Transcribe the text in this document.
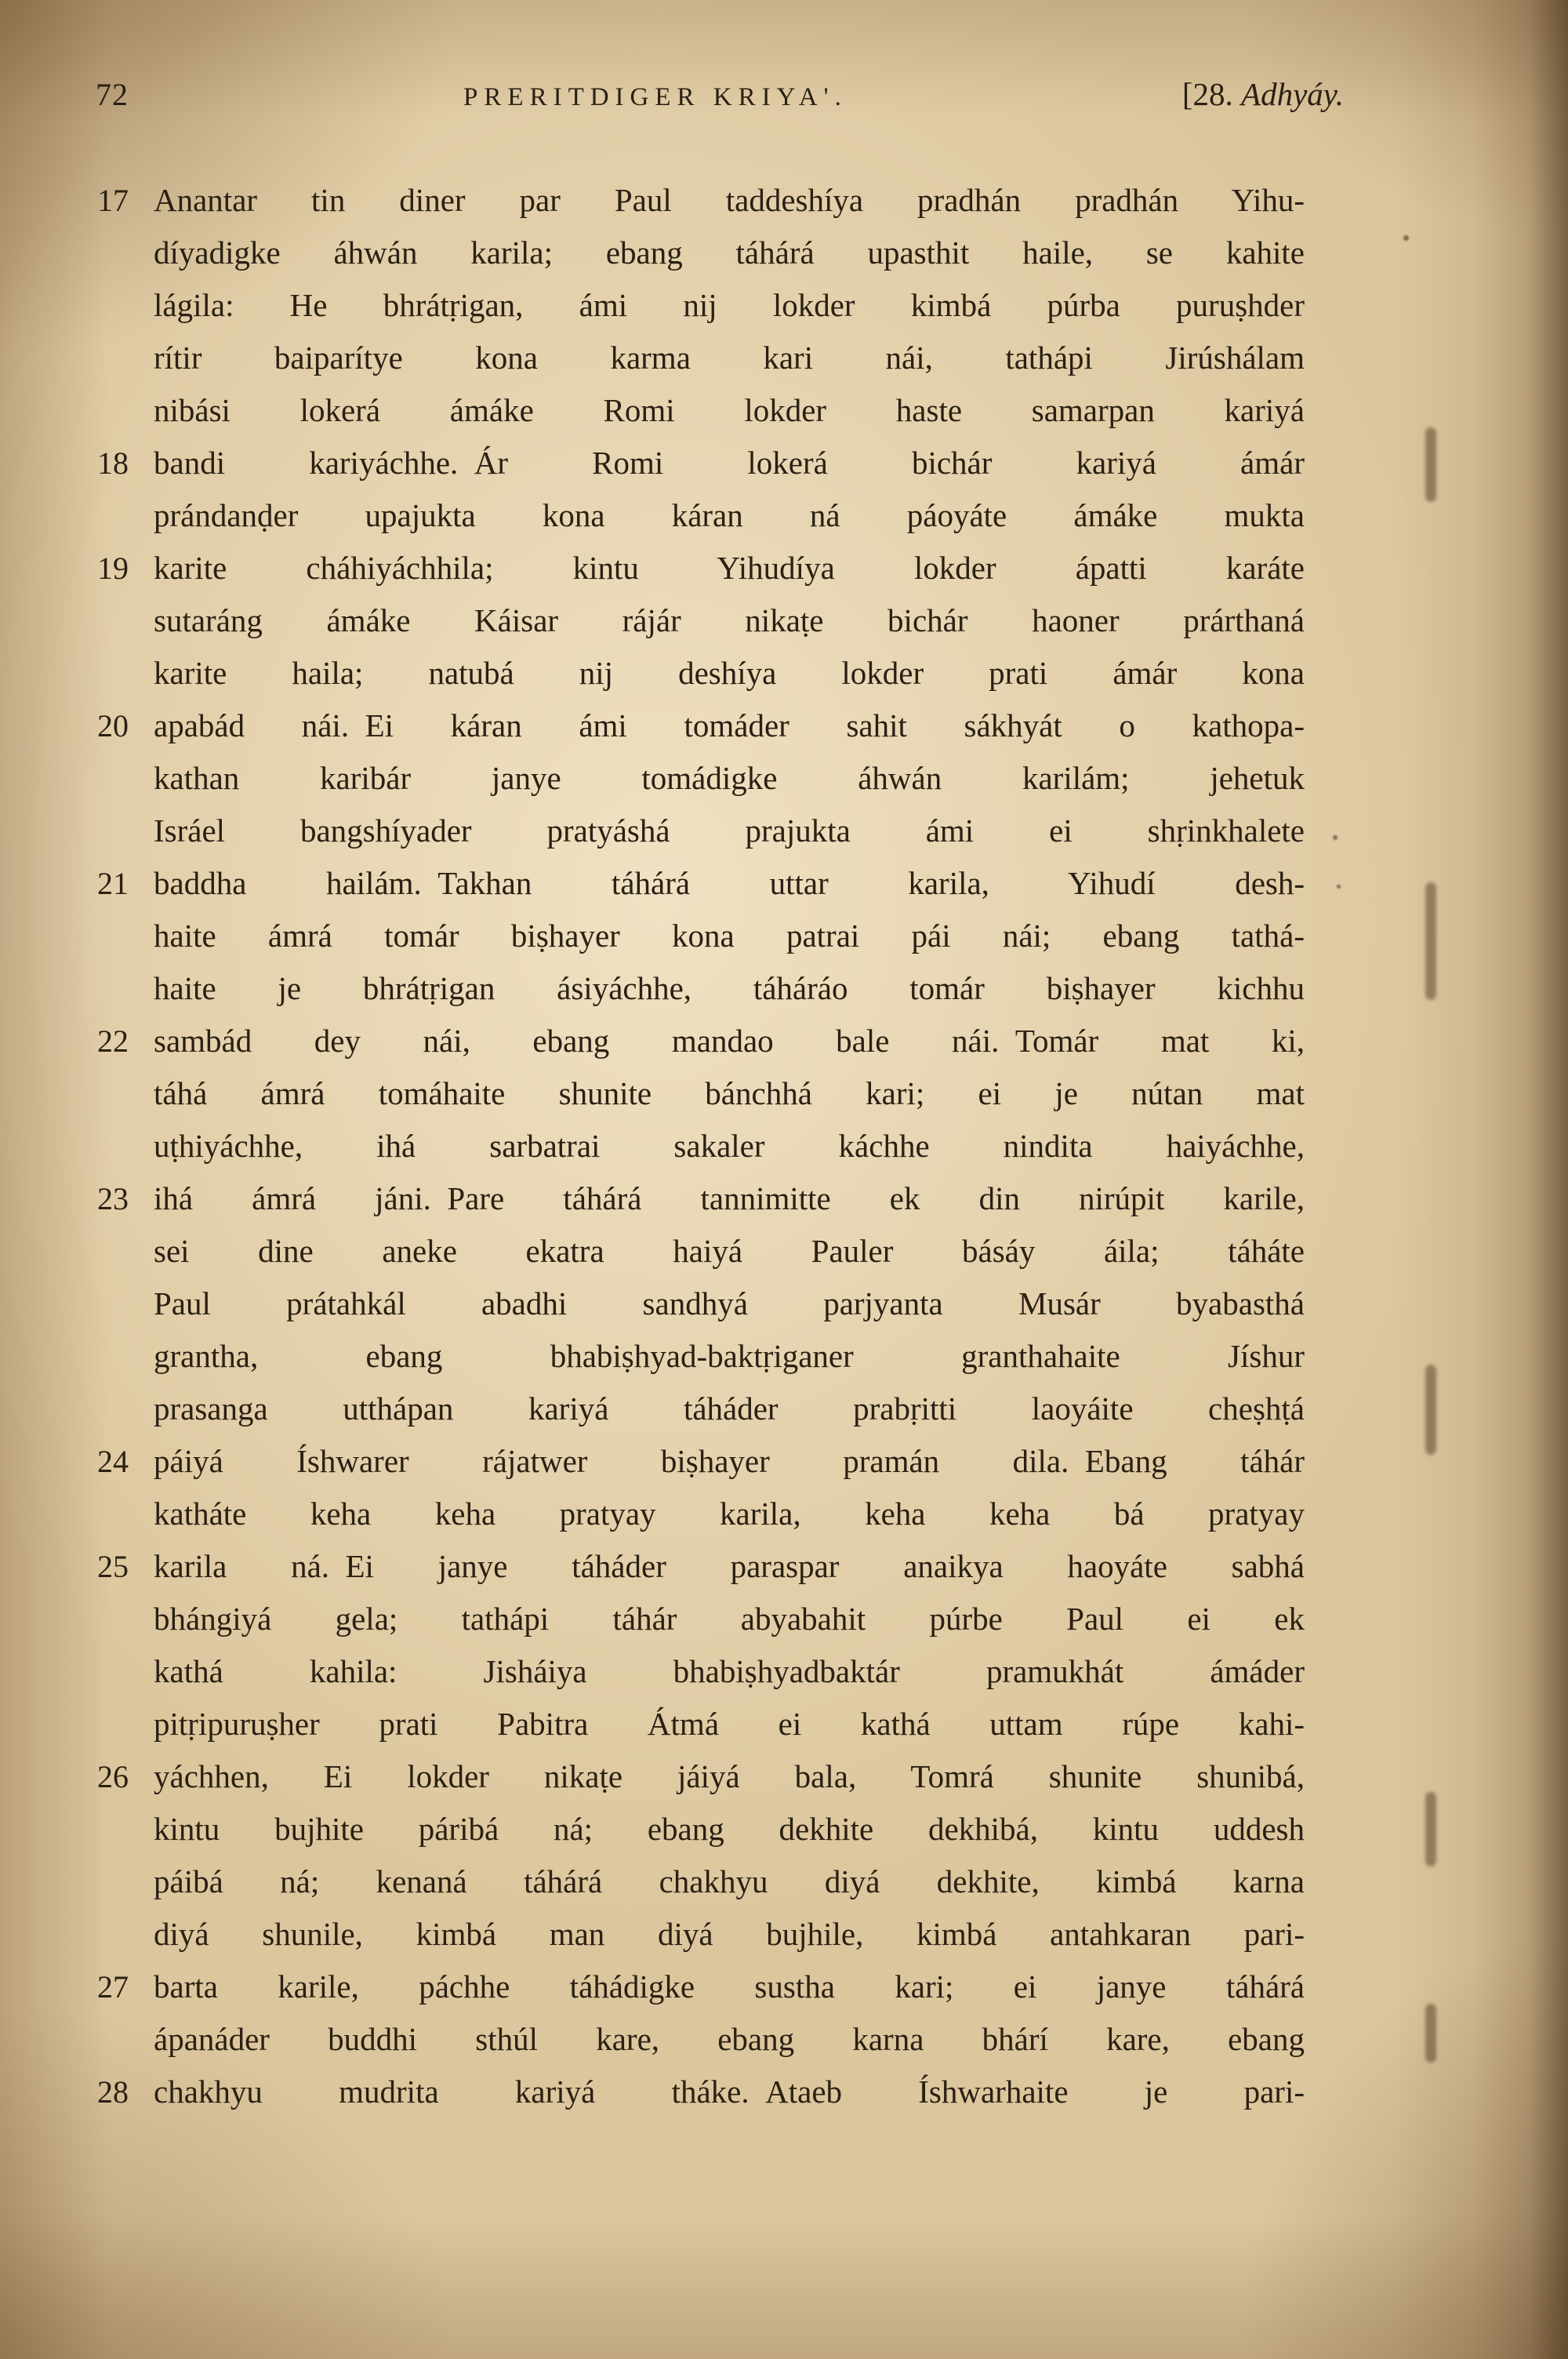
72	PRERITDIGER KRIYA'.	[28. Adhyáy.
17 Anantar tin diner par Paul taddeshíya pradhán pradhán Yihu-
díyadigke áhwán karila; ebang táhárá upasthit haile, se kahite
lágila: He bhrátṛigan, ámi nij lokder kimbá púrba puruṣhder
rítir baiparítye kona karma kari nái, tathápi Jirúshálam
nibási lokerá ámáke Romi lokder haste samarpan kariyá
18 bandi kariyáchhe. Ár Romi lokerá bichár kariyá ámár
prándanḍer upajukta kona káran ná páoyáte ámáke mukta
19 karite cháhiyáchhila; kintu Yihudíya lokder ápatti karáte
sutaráng ámáke Káisar rájár nikaṭe bichár haoner prárthaná
karite haila; natubá nij deshíya lokder prati ámár kona
20 apabád nái. Ei káran ámi tomáder sahit sákhyát o kathopa-
kathan karibár janye tomádigke áhwán karilám; jehetuk
Isráel bangshíyader pratyáshá prajukta ámi ei shṛinkhalete
21 baddha hailám. Takhan táhárá uttar karila, Yihudí desh-
haite ámrá tomár biṣhayer kona patrai pái nái; ebang tathá-
haite je bhrátṛigan ásiyáchhe, táháráo tomár biṣhayer kichhu
22 sambád dey nái, ebang mandao bale nái. Tomár mat ki,
táhá ámrá tomáhaite shunite bánchhá kari; ei je nútan mat
uṭhiyáchhe, ihá sarbatrai sakaler káchhe nindita haiyáchhe,
23 ihá ámrá jáni. Pare táhárá tannimitte ek din nirúpit karile,
sei dine aneke ekatra haiyá Pauler básáy áila; táháte
Paul prátahkál abadhi sandhyá parjyanta Musár byabasthá
grantha, ebang bhabiṣhyad-baktṛiganer granthahaite Jíshur
prasanga utthápan kariyá táháder prabṛitti laoyáite cheṣhṭá
24 páiyá Íshwarer rájatwer biṣhayer pramán dila. Ebang táhár
katháte keha keha pratyay karila, keha keha bá pratyay
25 karila ná. Ei janye táháder paraspar anaikya haoyáte sabhá
bhángiyá gela; tathápi táhár abyabahit púrbe Paul ei ek
kathá kahila: Jisháiya bhabiṣhyadbaktár pramukhát ámáder
pitṛipuruṣher prati Pabitra Átmá ei kathá uttam rúpe kahi-
26 yáchhen, Ei lokder nikaṭe jáiyá bala, Tomrá shunite shunibá,
kintu bujhite páribá ná; ebang dekhite dekhibá, kintu uddesh
páibá ná; kenaná táhárá chakhyu diyá dekhite, kimbá karna
diyá shunile, kimbá man diyá bujhile, kimbá antahkaran pari-
27 barta karile, páchhe táhádigke sustha kari; ei janye táhárá
ápanáder buddhi sthúl kare, ebang karna bhárí kare, ebang
28 chakhyu mudrita kariyá tháke. Ataeb Íshwarhaite je pari-
